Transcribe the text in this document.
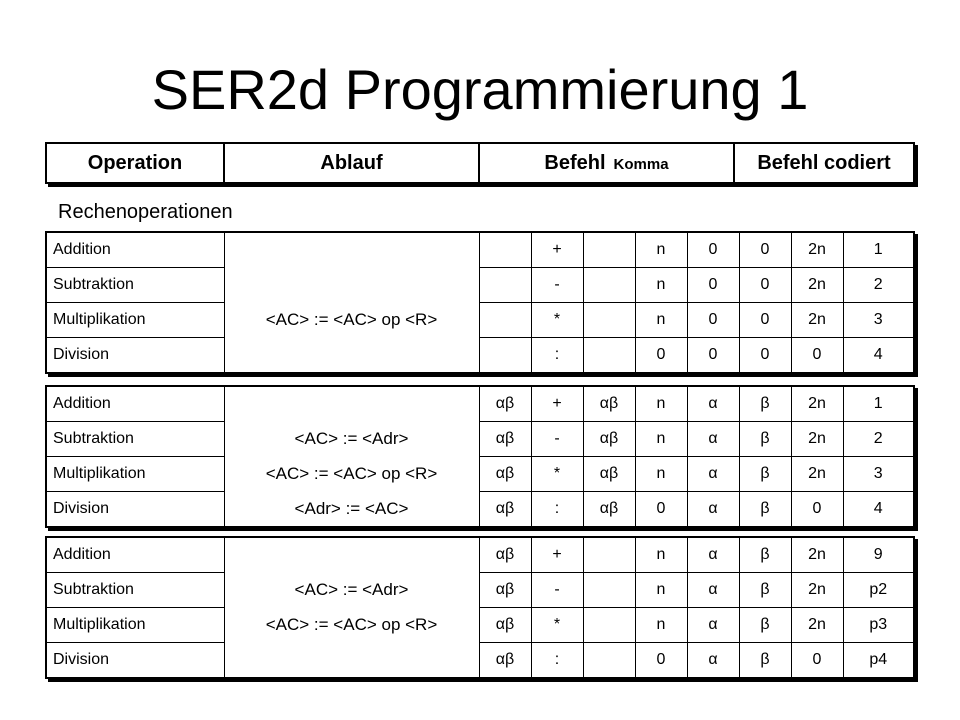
SER2d Programmierung 1
Operation	Ablauf	Befehl Komma	Befehl codiert
Rechenoperationen
Addition			+		n	0	0	2n	1
Subtraktion			-		n	0	0	2n	2
Multiplikation	<AC> := <AC> op <R>		*		n	0	0	2n	3
Division			:		0	0	0	0	4
Addition		αβ	+	αβ	n	α	β	2n	1
Subtraktion	<AC> := <Adr>	αβ	-	αβ	n	α	β	2n	2
Multiplikation	<AC> := <AC> op <R>	αβ	*	αβ	n	α	β	2n	3
Division	<Adr> := <AC>	αβ	:	αβ	0	α	β	0	4
Addition		αβ	+		n	α	β	2n	9
Subtraktion	<AC> := <Adr>	αβ	-		n	α	β	2n	p2
Multiplikation	<AC> := <AC> op <R>	αβ	*		n	α	β	2n	p3
Division		αβ	:		0	α	β	0	p4
